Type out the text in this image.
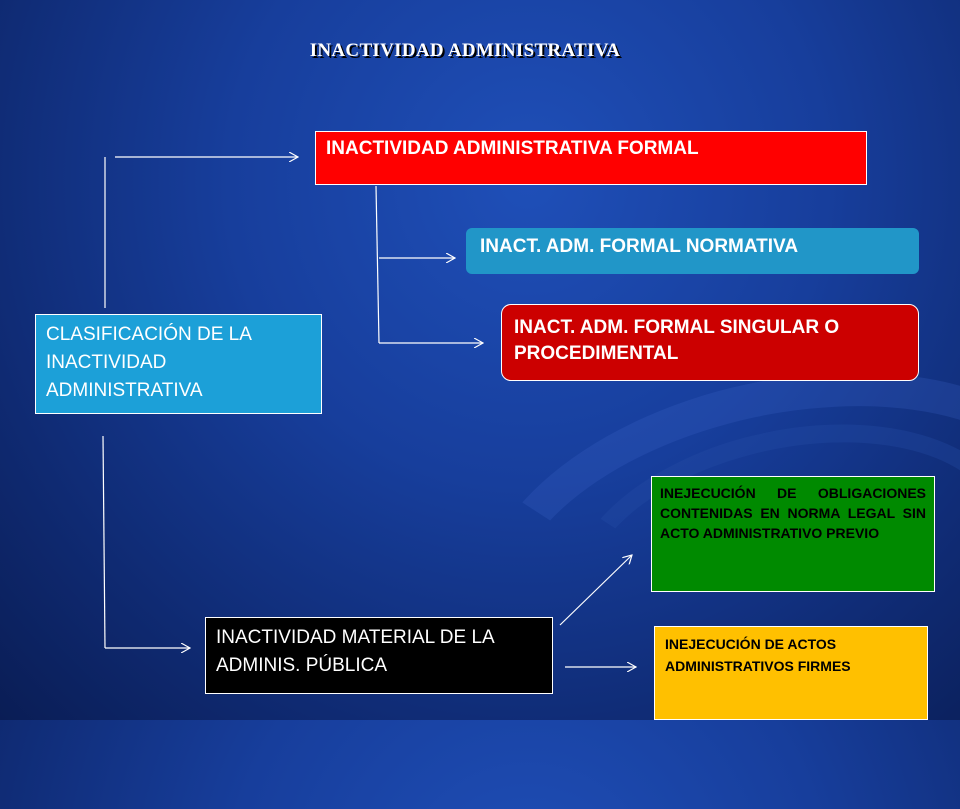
INACTIVIDAD ADMINISTRATIVA
INACTIVIDAD ADMINISTRATIVA FORMAL
INACT. ADM. FORMAL NORMATIVA
INACT. ADM. FORMAL SINGULAR O PROCEDIMENTAL
CLASIFICACIÓN DE LA INACTIVIDAD ADMINISTRATIVA
INACTIVIDAD MATERIAL DE LA ADMINIS. PÚBLICA
INEJECUCIÓN DE OBLIGACIONES CONTENIDAS EN NORMA LEGAL SIN ACTO ADMINISTRATIVO PREVIO
INEJECUCIÓN DE ACTOS ADMINISTRATIVOS FIRMES
